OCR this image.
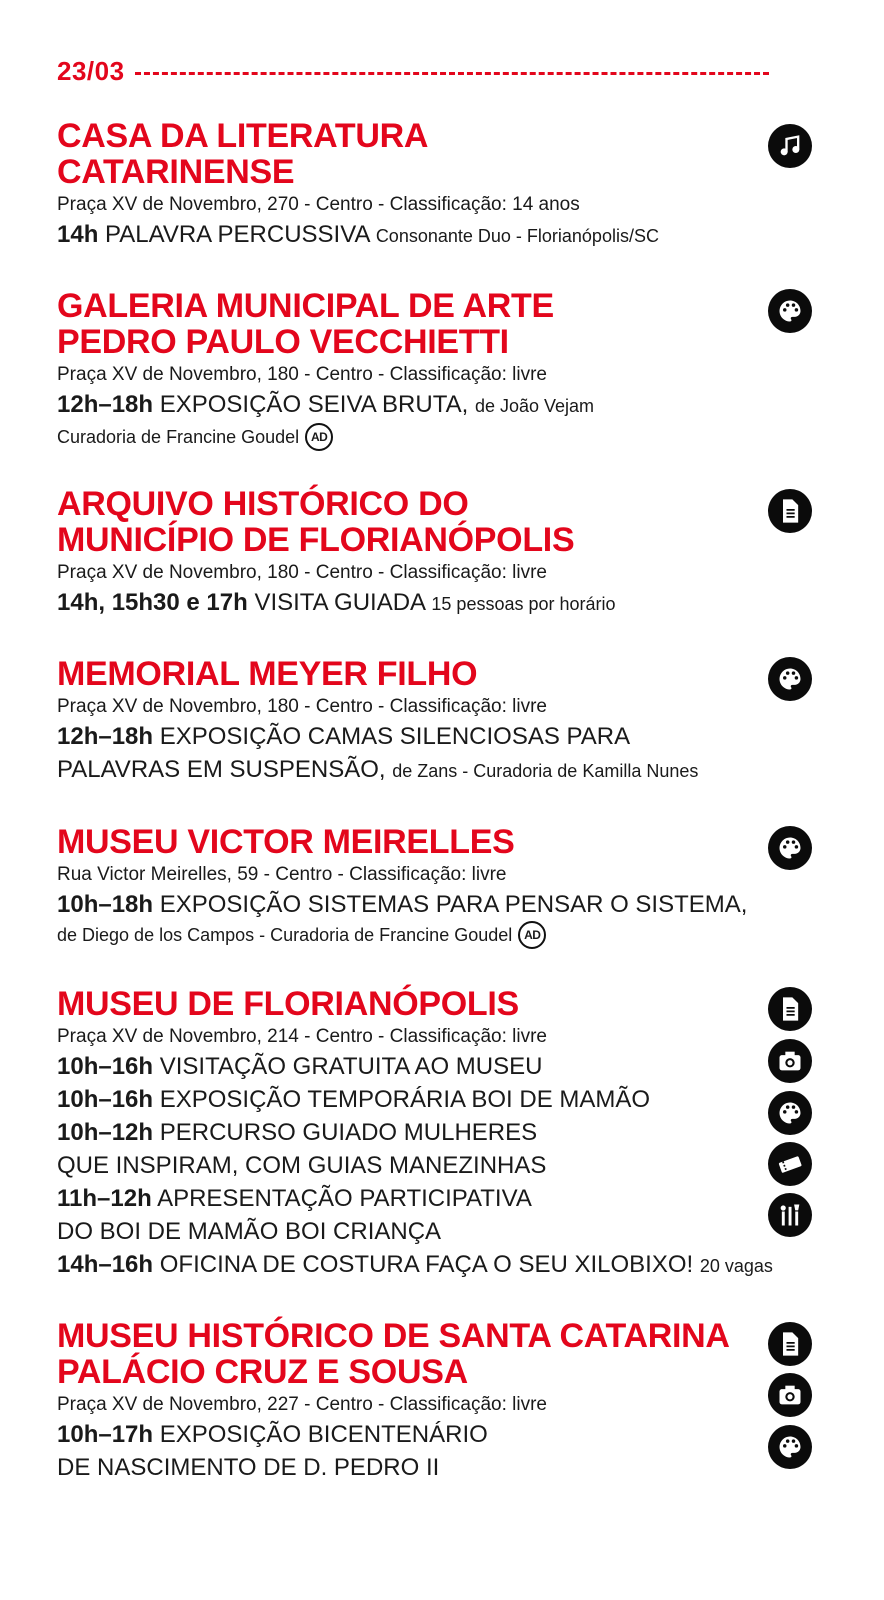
23/03
CASA DA LITERATURA
CATARINENSE
Praça XV de Novembro, 270 - Centro - Classificação: 14 anos
14h PALAVRA PERCUSSIVA Consonante Duo - Florianópolis/SC
GALERIA MUNICIPAL DE ARTE
PEDRO PAULO VECCHIETTI
Praça XV de Novembro, 180 - Centro - Classificação: livre
12h–18h EXPOSIÇÃO SEIVA BRUTA, de João Vejam
Curadoria de Francine Goudel AD
ARQUIVO HISTÓRICO DO
MUNICÍPIO DE FLORIANÓPOLIS
Praça XV de Novembro, 180 - Centro - Classificação: livre
14h, 15h30 e 17h VISITA GUIADA 15 pessoas por horário
MEMORIAL MEYER FILHO
Praça XV de Novembro, 180 - Centro - Classificação: livre
12h–18h EXPOSIÇÃO CAMAS SILENCIOSAS PARA
PALAVRAS EM SUSPENSÃO, de Zans - Curadoria de Kamilla Nunes
MUSEU VICTOR MEIRELLES
Rua Victor Meirelles, 59 - Centro - Classificação: livre
10h–18h EXPOSIÇÃO SISTEMAS PARA PENSAR O SISTEMA,
de Diego de los Campos - Curadoria de Francine Goudel AD
MUSEU DE FLORIANÓPOLIS
Praça XV de Novembro, 214 - Centro - Classificação: livre
10h–16h VISITAÇÃO GRATUITA AO MUSEU
10h–16h EXPOSIÇÃO TEMPORÁRIA BOI DE MAMÃO
10h–12h PERCURSO GUIADO MULHERES
QUE INSPIRAM, COM GUIAS MANEZINHAS
11h–12h APRESENTAÇÃO PARTICIPATIVA
DO BOI DE MAMÃO BOI CRIANÇA
14h–16h OFICINA DE COSTURA FAÇA O SEU XILOBIXO! 20 vagas
MUSEU HISTÓRICO DE SANTA CATARINA
PALÁCIO CRUZ E SOUSA
Praça XV de Novembro, 227 - Centro - Classificação: livre
10h–17h EXPOSIÇÃO BICENTENÁRIO
DE NASCIMENTO DE D. PEDRO II
